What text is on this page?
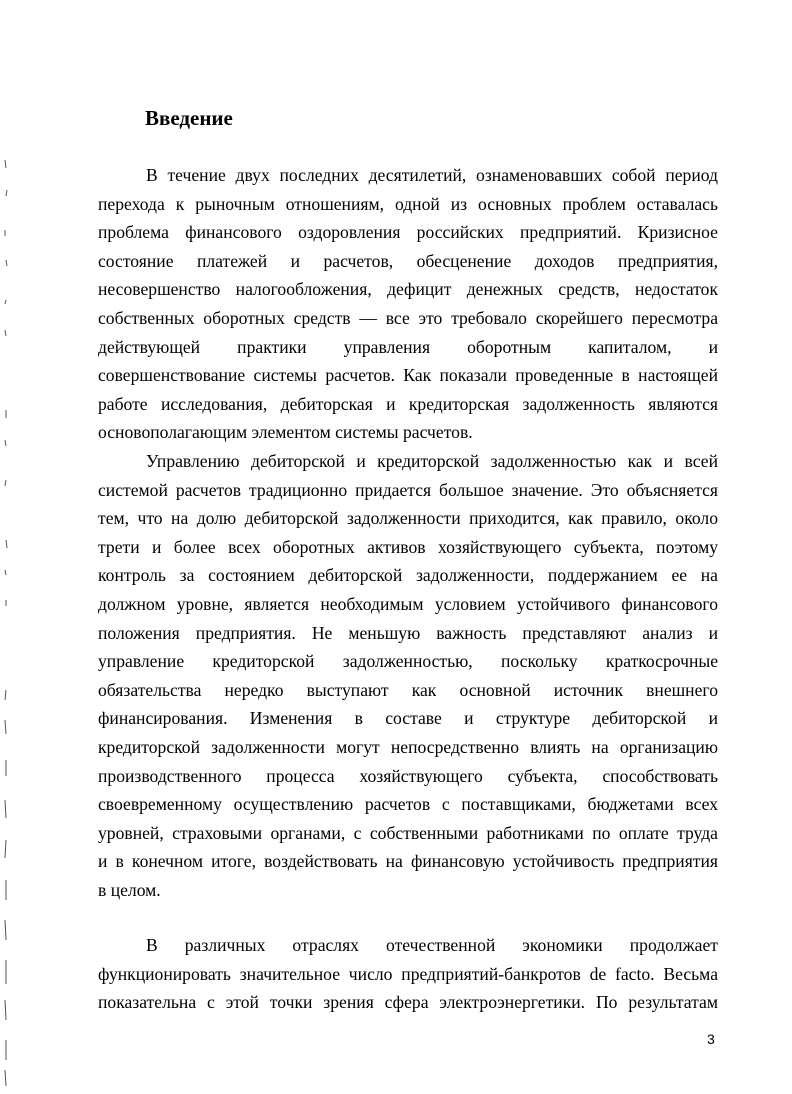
Введение
В течение двух последних десятилетий, ознаменовавших собой период
перехода к рыночным отношениям, одной из основных проблем оставалась
проблема финансового оздоровления российских предприятий. Кризисное
состояние платежей и расчетов, обесценение доходов предприятия,
несовершенство налогообложения, дефицит денежных средств, недостаток
собственных оборотных средств — все это требовало скорейшего пересмотра
действующей практики управления оборотным капиталом, и
совершенствование системы расчетов. Как показали проведенные в настоящей
работе исследования, дебиторская и кредиторская задолженность являются
основополагающим элементом системы расчетов.
Управлению дебиторской и кредиторской задолженностью как и всей
системой расчетов традиционно придается большое значение. Это объясняется
тем, что на долю дебиторской задолженности приходится, как правило, около
трети и более всех оборотных активов хозяйствующего субъекта, поэтому
контроль за состоянием дебиторской задолженности, поддержанием ее на
должном уровне, является необходимым условием устойчивого финансового
положения предприятия. Не меньшую важность представляют анализ и
управление кредиторской задолженностью, поскольку краткосрочные
обязательства нередко выступают как основной источник внешнего
финансирования. Изменения в составе и структуре дебиторской и
кредиторской задолженности могут непосредственно влиять на организацию
производственного процесса хозяйствующего субъекта, способствовать
своевременному осуществлению расчетов с поставщиками, бюджетами всех
уровней, страховыми органами, с собственными работниками по оплате труда
и в конечном итоге, воздействовать на финансовую устойчивость предприятия
в целом.
В различных отраслях отечественной экономики продолжает
функционировать значительное число предприятий-банкротов de facto. Весьма
показательна с этой точки зрения сфера электроэнергетики. По результатам
3
